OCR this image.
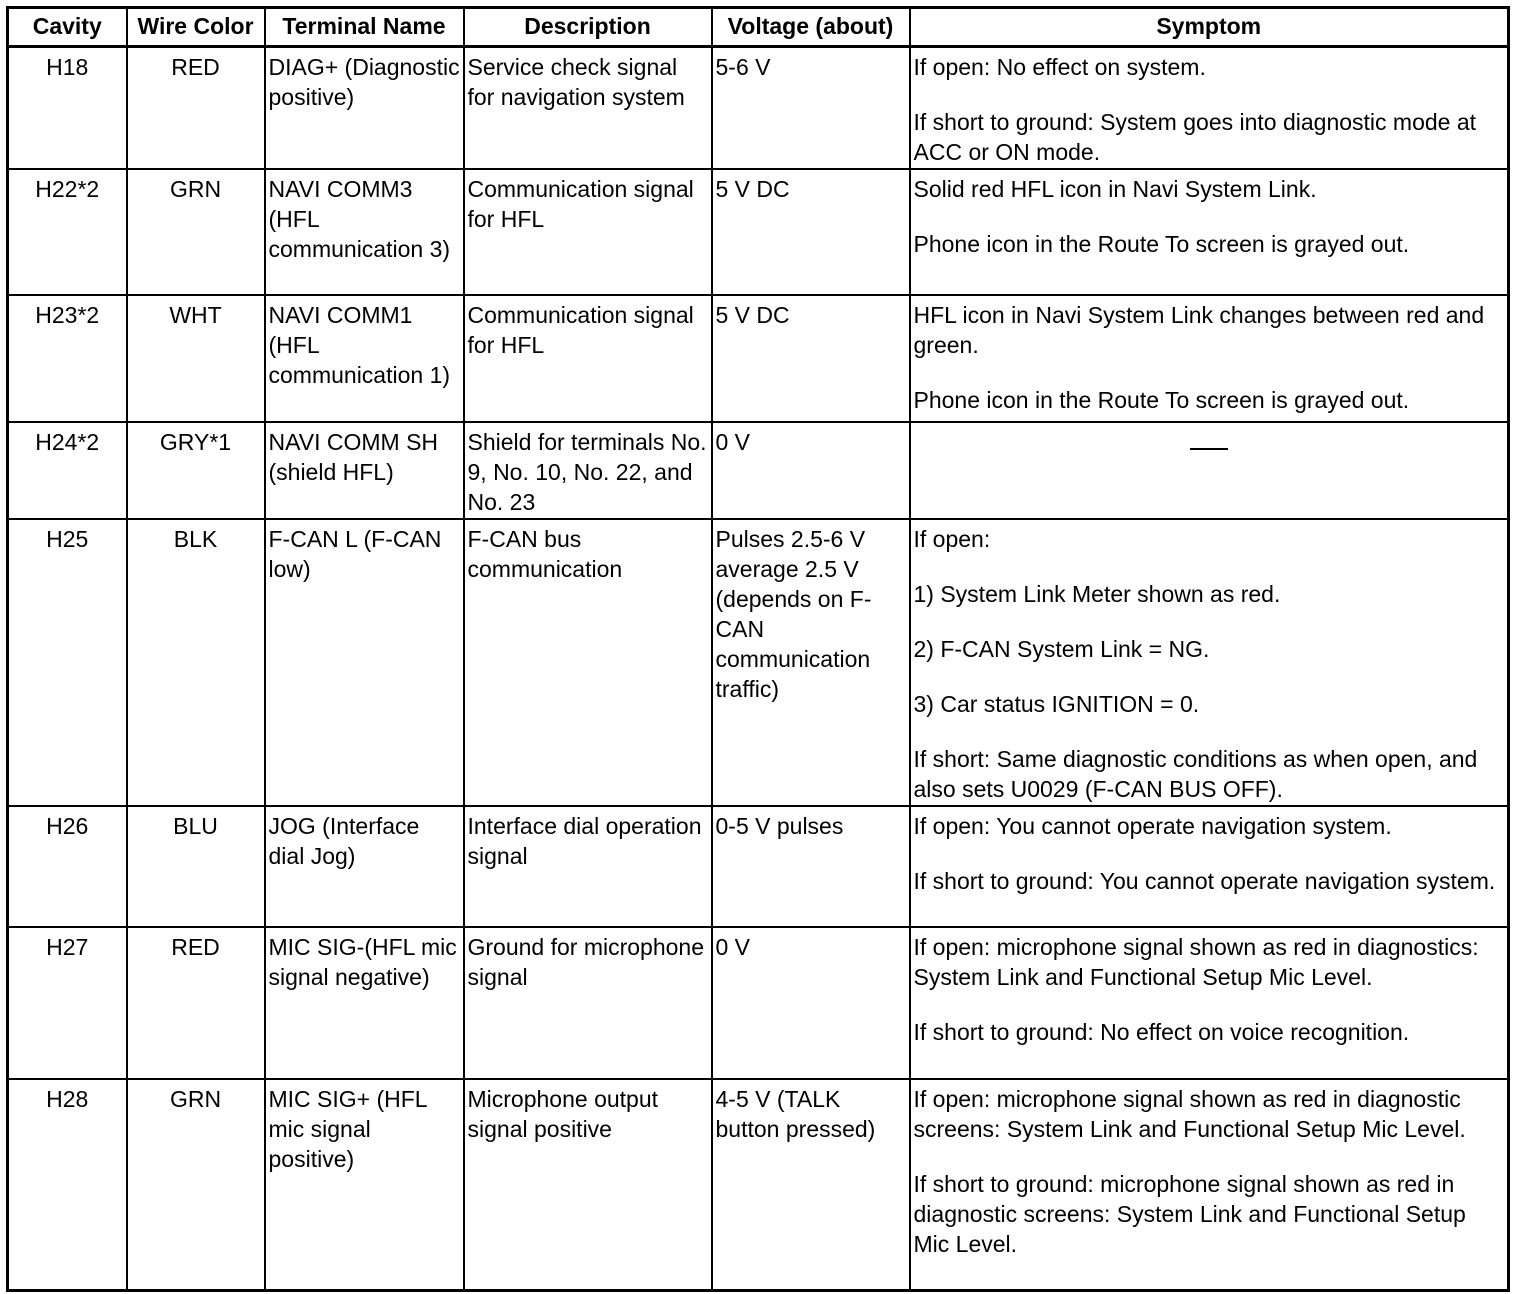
Cavity	Wire Color	Terminal Name	Description	Voltage (about)	Symptom
H18	RED	DIAG+ (Diagnostic positive)	Service check signal for navigation system	5-6 V	If open: No effect on system.

If short to ground: System goes into diagnostic mode at ACC or ON mode.

H22*2	GRN	NAVI COMM3 (HFL communication 3)	Communication signal for HFL	5 V DC	Solid red HFL icon in Navi System Link.

Phone icon in the Route To screen is grayed out.

H23*2	WHT	NAVI COMM1 (HFL communication 1)	Communication signal for HFL	5 V DC	HFL icon in Navi System Link changes between red and green.

Phone icon in the Route To screen is grayed out.

H24*2	GRY*1	NAVI COMM SH (shield HFL)	Shield for terminals No. 9, No. 10, No. 22, and No. 23	0 V	
H25	BLK	F-CAN L (F-CAN low)	F-CAN bus communication	Pulses 2.5-6 V average 2.5 V (depends on F-CAN communication traffic)	If open:

1) System Link Meter shown as red.

2) F-CAN System Link = NG.

3) Car status IGNITION = 0.

If short: Same diagnostic conditions as when open, and also sets U0029 (F-CAN BUS OFF).

H26	BLU	JOG (Interface dial Jog)	Interface dial operation signal	0-5 V pulses	If open: You cannot operate navigation system.

If short to ground: You cannot operate navigation system.

H27	RED	MIC SIG-(HFL mic signal negative)	Ground for microphone signal	0 V	If open: microphone signal shown as red in diagnostics: System Link and Functional Setup Mic Level.

If short to ground: No effect on voice recognition.

H28	GRN	MIC SIG+ (HFL mic signal positive)	Microphone output signal positive	4-5 V (TALK button pressed)	If open: microphone signal shown as red in diagnostic screens: System Link and Functional Setup Mic Level.

If short to ground: microphone signal shown as red in diagnostic screens: System Link and Functional Setup Mic Level.
